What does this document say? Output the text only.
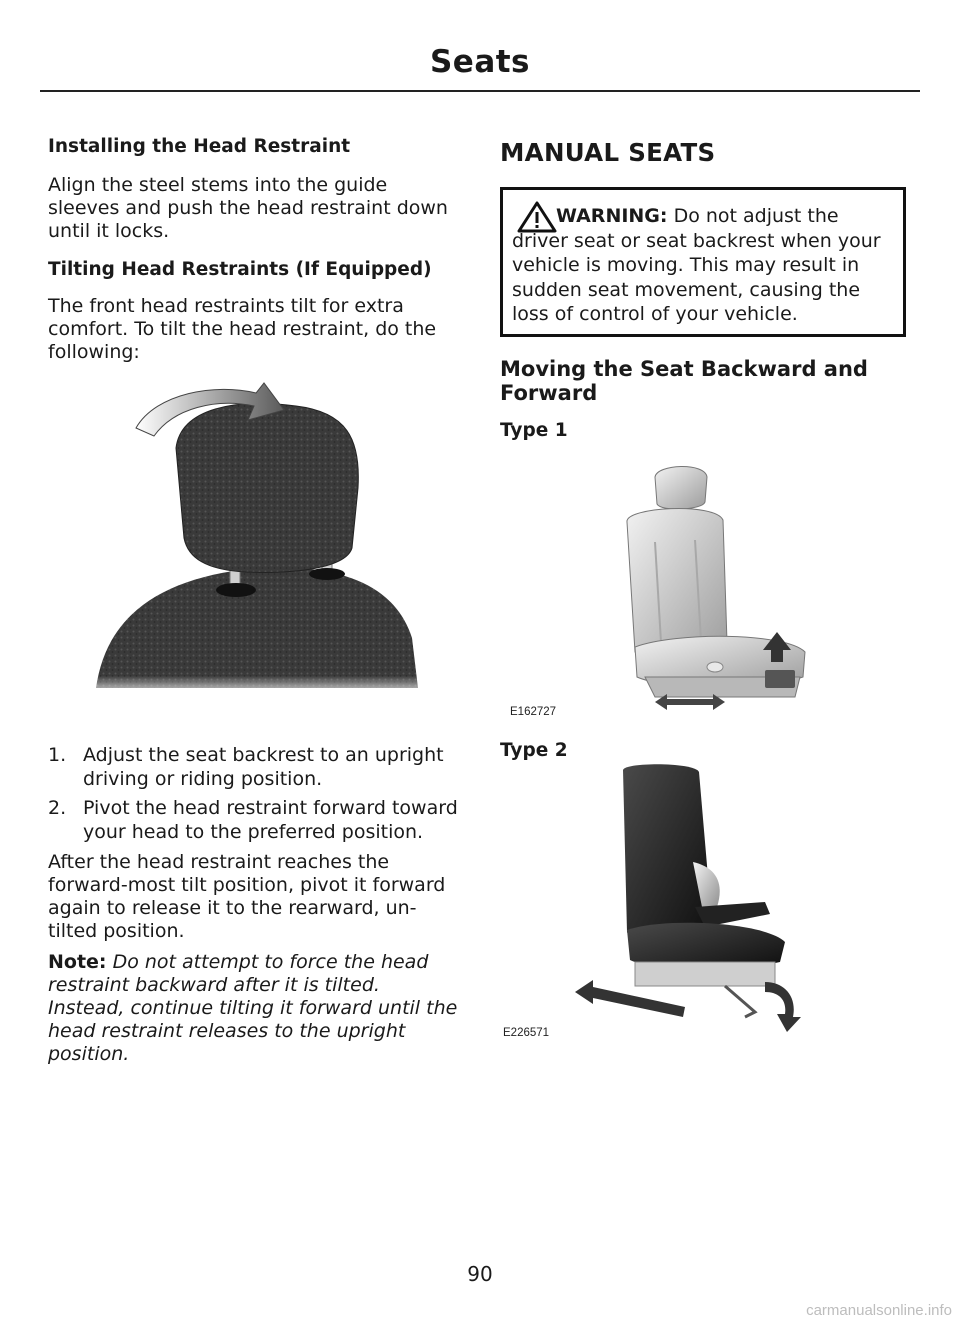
Seats
Installing the Head Restraint

Align the steel stems into the guide sleeves and push the head restraint down until it locks.

Tilting Head Restraints (If Equipped)

The front head restraints tilt for extra comfort. To tilt the head restraint, do the following:

1. Adjust the seat backrest to an upright driving or riding position.
2. Pivot the head restraint forward toward your head to the preferred position.

After the head restraint reaches the forward-most tilt position, pivot it forward again to release it to the rearward, un-tilted position.

Note: Do not attempt to force the head restraint backward after it is tilted. Instead, continue tilting it forward until the head restraint releases to the upright position.

MANUAL SEATS
WARNING: Do not adjust the driver seat or seat backrest when your vehicle is moving. This may result in sudden seat movement, causing the loss of control of your vehicle.
Moving the Seat Backward and Forward
Type 1
E162727
Type 2
E226571
90
carmanualsonline.info
